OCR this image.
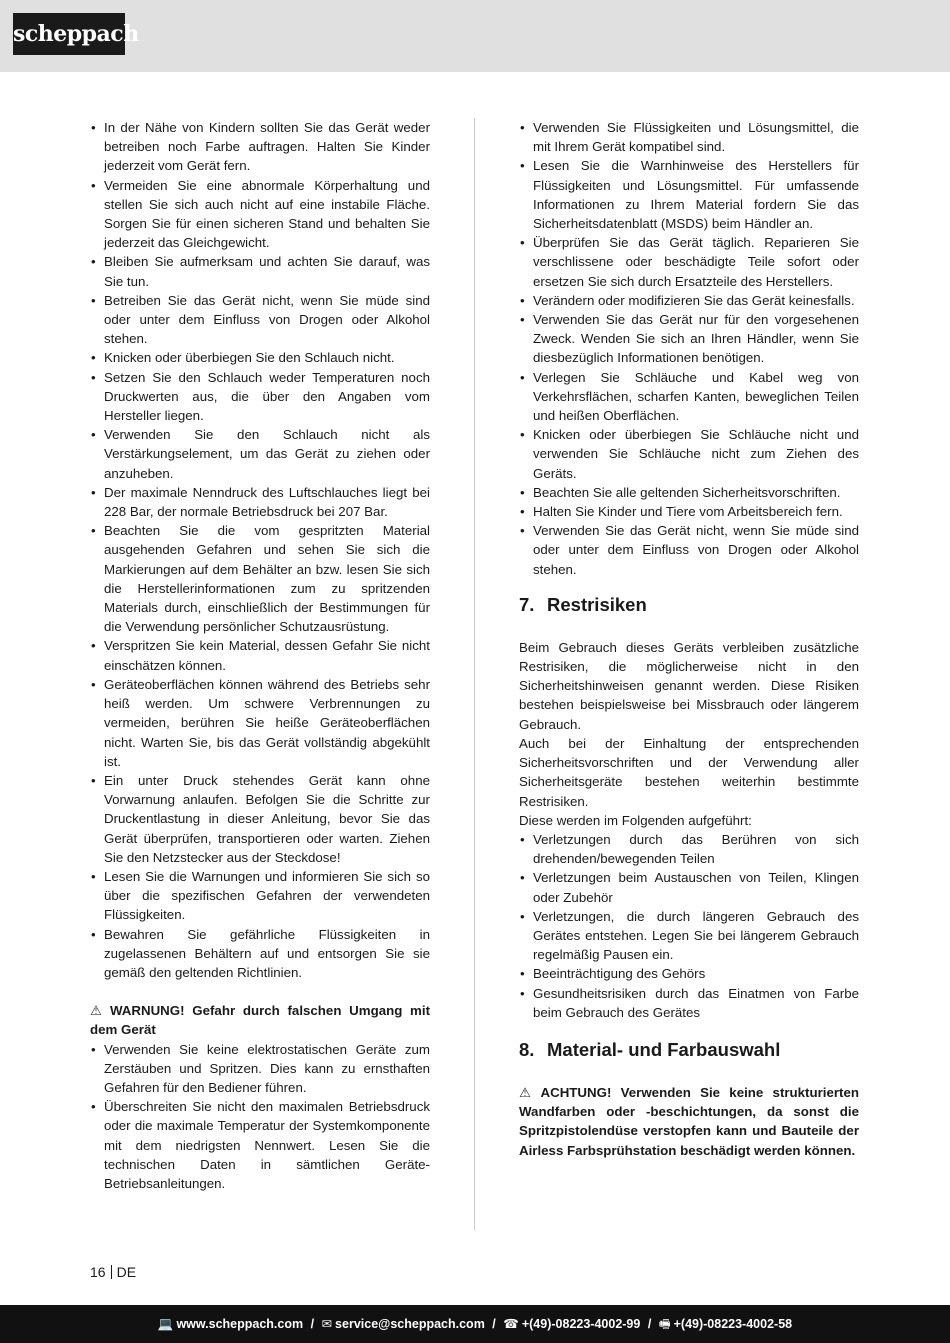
scheppach
• In der Nähe von Kindern sollten Sie das Gerät weder betreiben noch Farbe auftragen. Halten Sie Kinder jederzeit vom Gerät fern.
• Vermeiden Sie eine abnormale Körperhaltung und stellen Sie sich auch nicht auf eine instabile Fläche. Sorgen Sie für einen sicheren Stand und behalten Sie jederzeit das Gleichgewicht.
• Bleiben Sie aufmerksam und achten Sie darauf, was Sie tun.
• Betreiben Sie das Gerät nicht, wenn Sie müde sind oder unter dem Einfluss von Drogen oder Alkohol stehen.
• Knicken oder überbiegen Sie den Schlauch nicht.
• Setzen Sie den Schlauch weder Temperaturen noch Druckwerten aus, die über den Angaben vom Hersteller liegen.
• Verwenden Sie den Schlauch nicht als Verstärkungselement, um das Gerät zu ziehen oder anzuheben.
• Der maximale Nenndruck des Luftschlauches liegt bei 228 Bar, der normale Betriebsdruck bei 207 Bar.
• Beachten Sie die vom gespritzten Material ausgehenden Gefahren und sehen Sie sich die Markierungen auf dem Behälter an bzw. lesen Sie sich die Herstellerinformationen zum zu spritzenden Materials durch, einschließlich der Bestimmungen für die Verwendung persönlicher Schutzausrüstung.
• Verspritzen Sie kein Material, dessen Gefahr Sie nicht einschätzen können.
• Geräteoberflächen können während des Betriebs sehr heiß werden. Um schwere Verbrennungen zu vermeiden, berühren Sie heiße Geräteoberflächen nicht. Warten Sie, bis das Gerät vollständig abgekühlt ist.
• Ein unter Druck stehendes Gerät kann ohne Vorwarnung anlaufen. Befolgen Sie die Schritte zur Druckentlastung in dieser Anleitung, bevor Sie das Gerät überprüfen, transportieren oder warten. Ziehen Sie den Netzstecker aus der Steckdose!
• Lesen Sie die Warnungen und informieren Sie sich so über die spezifischen Gefahren der verwendeten Flüssigkeiten.
• Bewahren Sie gefährliche Flüssigkeiten in zugelassenen Behältern auf und entsorgen Sie sie gemäß den geltenden Richtlinien.
⚠ WARNUNG! Gefahr durch falschen Umgang mit dem Gerät
• Verwenden Sie keine elektrostatischen Geräte zum Zerstäuben und Spritzen. Dies kann zu ernsthaften Gefahren für den Bediener führen.
• Überschreiten Sie nicht den maximalen Betriebsdruck oder die maximale Temperatur der Systemkomponente mit dem niedrigsten Nennwert. Lesen Sie die technischen Daten in sämtlichen Geräte-Betriebsanleitungen.
• Verwenden Sie Flüssigkeiten und Lösungsmittel, die mit Ihrem Gerät kompatibel sind.
• Lesen Sie die Warnhinweise des Herstellers für Flüssigkeiten und Lösungsmittel. Für umfassende Informationen zu Ihrem Material fordern Sie das Sicherheitsdatenblatt (MSDS) beim Händler an.
• Überprüfen Sie das Gerät täglich. Reparieren Sie verschlissene oder beschädigte Teile sofort oder ersetzen Sie sich durch Ersatzteile des Herstellers.
• Verändern oder modifizieren Sie das Gerät keinesfalls.
• Verwenden Sie das Gerät nur für den vorgesehenen Zweck. Wenden Sie sich an Ihren Händler, wenn Sie diesbezüglich Informationen benötigen.
• Verlegen Sie Schläuche und Kabel weg von Verkehrsflächen, scharfen Kanten, beweglichen Teilen und heißen Oberflächen.
• Knicken oder überbiegen Sie Schläuche nicht und verwenden Sie Schläuche nicht zum Ziehen des Geräts.
• Beachten Sie alle geltenden Sicherheitsvorschriften.
• Halten Sie Kinder und Tiere vom Arbeitsbereich fern.
• Verwenden Sie das Gerät nicht, wenn Sie müde sind oder unter dem Einfluss von Drogen oder Alkohol stehen.
7. Restrisiken

Beim Gebrauch dieses Geräts verbleiben zusätzliche Restrisiken, die möglicherweise nicht in den Sicherheitshinweisen genannt werden. Diese Risiken bestehen beispielsweise bei Missbrauch oder längerem Gebrauch.

Auch bei der Einhaltung der entsprechenden Sicherheitsvorschriften und der Verwendung aller Sicherheitsgeräte bestehen weiterhin bestimmte Restrisiken.

Diese werden im Folgenden aufgeführt:

• Verletzungen durch das Berühren von sich drehenden/bewegenden Teilen
• Verletzungen beim Austauschen von Teilen, Klingen oder Zubehör
• Verletzungen, die durch längeren Gebrauch des Gerätes entstehen. Legen Sie bei längerem Gebrauch regelmäßig Pausen ein.
• Beeinträchtigung des Gehörs
• Gesundheitsrisiken durch das Einatmen von Farbe beim Gebrauch des Gerätes
8. Material- und Farbauswahl
⚠ ACHTUNG! Verwenden Sie keine strukturierten Wandfarben oder -beschichtungen, da sonst die Spritzpistolendüse verstopfen kann und Bauteile der Airless Farbsprühstation beschädigt werden können.
16 DE
💻 www.scheppach.com / ✉ service@scheppach.com / ☎ +(49)-08223-4002-99 / 🖷 +(49)-08223-4002-58
